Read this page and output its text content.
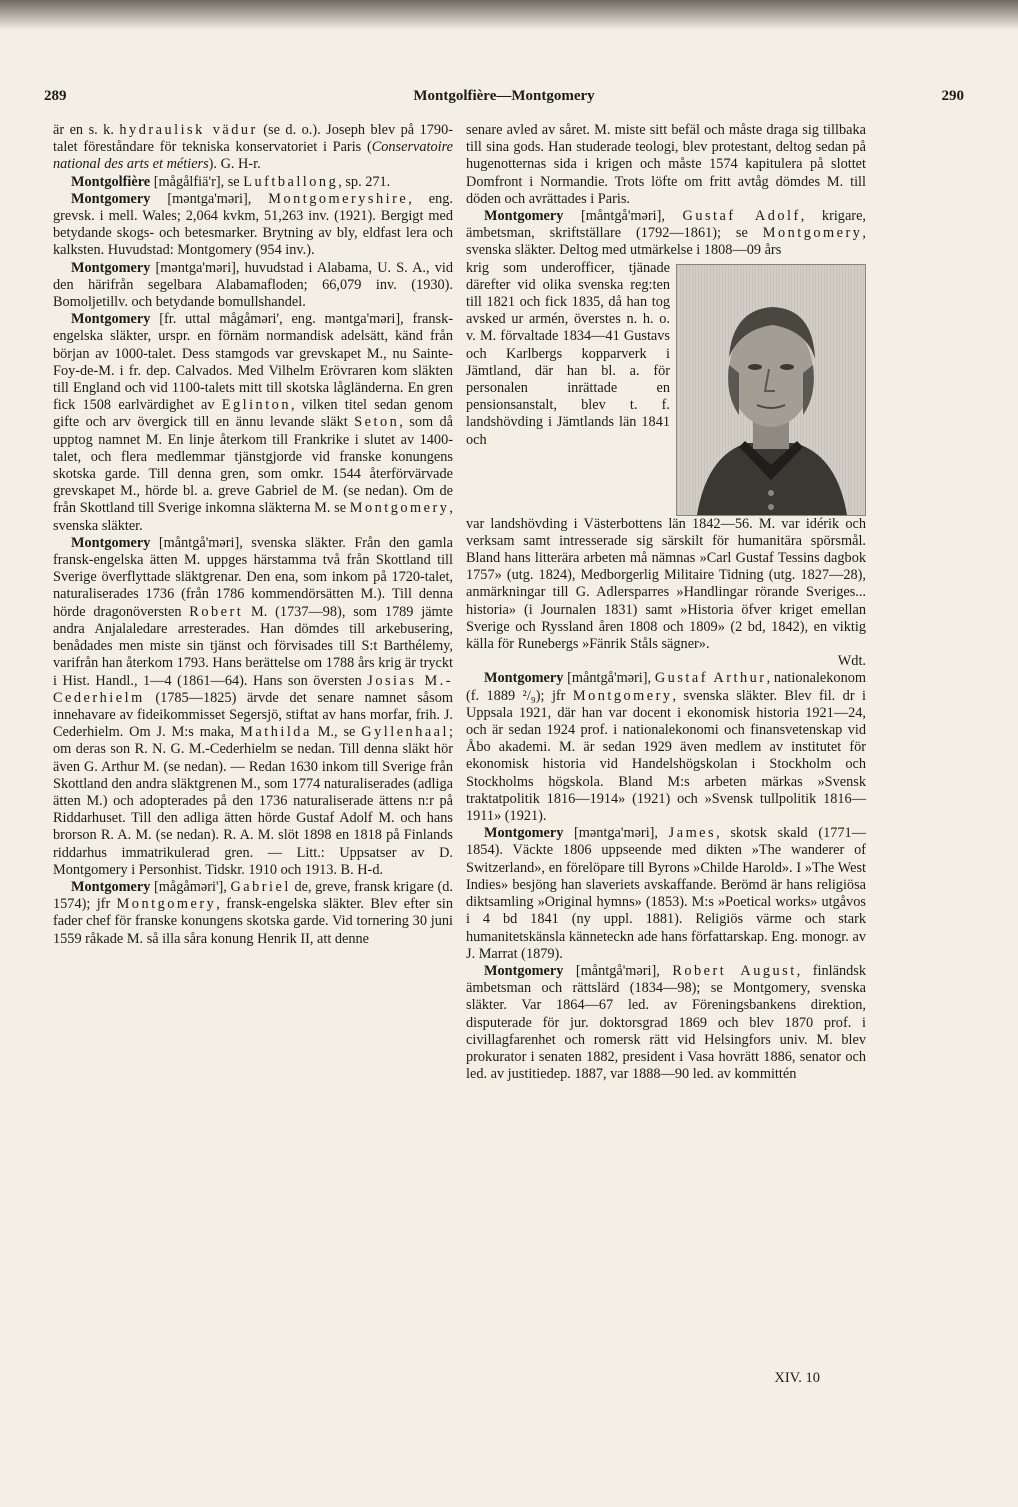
289	Montgolfière—Montgomery	290

är en s. k. hydraulisk vädur (se d. o.). Joseph blev på 1790-talet föreståndare för tekniska konservatoriet i Paris (Conservatoire national des arts et métiers). G. H-r.

Montgolfière [mågålfiä'r], se Luftballong, sp. 271.

Montgomery [məntga'məri], Montgomeryshire, eng. grevsk. i mell. Wales; 2,064 kvkm, 51,263 inv. (1921). Bergigt med betydande skogs- och betesmarker. Brytning av bly, eldfast lera och kalksten. Huvudstad: Montgomery (954 inv.).

Montgomery [məntga'məri], huvudstad i Alabama, U. S. A., vid den härifrån segelbara Alabamafloden; 66,079 inv. (1930). Bomoljetillv. och betydande bomullshandel.

Montgomery [fr. uttal mågåməri', eng. məntga'məri], fransk-engelska släkter, urspr. en förnäm normandisk adelsätt, känd från början av 1000-talet. Dess stamgods var grevskapet M., nu Sainte-Foy-de-M. i fr. dep. Calvados. Med Vilhelm Erövraren kom släkten till England och vid 1100-talets mitt till skotska lågländerna. En gren fick 1508 earlvärdighet av Eglinton, vilken titel sedan genom gifte och arv övergick till en ännu levande släkt Seton, som då upptog namnet M. En linje återkom till Frankrike i slutet av 1400-talet, och flera medlemmar tjänstgjorde vid franske konungens skotska garde. Till denna gren, som omkr. 1544 återförvärvade grevskapet M., hörde bl. a. greve Gabriel de M. (se nedan). Om de från Skottland till Sverige inkomna släkterna M. se Montgomery, svenska släkter.

Montgomery [måntgå'məri], svenska släkter. Från den gamla fransk-engelska ätten M. uppges härstamma två från Skottland till Sverige överflyttade släktgrenar. Den ena, som inkom på 1720-talet, naturaliserades 1736 (från 1786 kommendörsätten M.). Till denna hörde dragonöversten Robert M. (1737—98), som 1789 jämte andra Anjalaledare arresterades. Han dömdes till arkebusering, benådades men miste sin tjänst och förvisades till S:t Barthélemy, varifrån han återkom 1793. Hans berättelse om 1788 års krig är tryckt i Hist. Handl., 1—4 (1861—64). Hans son översten Josias M.-Cederhielm (1785—1825) ärvde det senare namnet såsom innehavare av fideikommisset Segersjö, stiftat av hans morfar, frih. J. Cederhielm. Om J. M:s maka, Mathilda M., se Gyllenhaal; om deras son R. N. G. M.-Cederhielm se nedan. Till denna släkt hör även G. Arthur M. (se nedan). — Redan 1630 inkom till Sverige från Skottland den andra släktgrenen M., som 1774 naturaliserades (adliga ätten M.) och adopterades på den 1736 naturaliserade ättens n:r på Riddarhuset. Till den adliga ätten hörde Gustaf Adolf M. och hans brorson R. A. M. (se nedan). R. A. M. slöt 1898 en 1818 på Finlands riddarhus immatrikulerad gren. — Litt.: Uppsatser av D. Montgomery i Personhist. Tidskr. 1910 och 1913. B. H-d.

Montgomery [mågåməri'], Gabriel de, greve, fransk krigare (d. 1574); jfr Montgomery, fransk-engelska släkter. Blev efter sin fader chef för franske konungens skotska garde. Vid tornering 30 juni 1559 råkade M. så illa såra konung Henrik II, att denne

senare avled av såret. M. miste sitt befäl och måste draga sig tillbaka till sina gods. Han studerade teologi, blev protestant, deltog sedan på hugenotternas sida i krigen och måste 1574 kapitulera på slottet Domfront i Normandie. Trots löfte om fritt avtåg dömdes M. till döden och avrättades i Paris.

Montgomery [måntgå'məri], Gustaf Adolf, krigare, ämbetsman, skriftställare (1792—1861); se Montgomery, svenska släkter. Deltog med utmärkelse i 1808—09 års

krig som underofficer, tjänade därefter vid olika svenska reg:ten till 1821 och fick 1835, då han tog avsked ur armén, överstes n. h. o. v. M. förvaltade 1834—41 Gustavs och Karlbergs kopparverk i Jämtland, där han bl. a. för personalen inrättade en pensionsanstalt, blev t. f. landshövding i Jämtlands län 1841 och

var landshövding i Västerbottens län 1842—56. M. var idérik och verksam samt intresserade sig särskilt för humanitära spörsmål. Bland hans litterära arbeten må nämnas »Carl Gustaf Tessins dagbok 1757» (utg. 1824), Medborgerlig Militaire Tidning (utg. 1827—28), anmärkningar till G. Adlersparres »Handlingar rörande Sveriges... historia» (i Journalen 1831) samt »Historia öfver kriget emellan Sverige och Ryssland åren 1808 och 1809» (2 bd, 1842), en viktig källa för Runebergs »Fänrik Ståls sägner».
Wdt.

Montgomery [måntgå'məri], Gustaf Arthur, nationalekonom (f. 1889 ²/₉); jfr Montgomery, svenska släkter. Blev fil. dr i Uppsala 1921, där han var docent i ekonomisk historia 1921—24, och är sedan 1924 prof. i nationalekonomi och finansvetenskap vid Åbo akademi. M. är sedan 1929 även medlem av institutet för ekonomisk historia vid Handelshögskolan i Stockholm och Stockholms högskola. Bland M:s arbeten märkas »Svensk traktatpolitik 1816—1914» (1921) och »Svensk tullpolitik 1816—1911» (1921).

Montgomery [məntga'məri], James, skotsk skald (1771—1854). Väckte 1806 uppseende med dikten »The wanderer of Switzerland», en förelöpare till Byrons »Childe Harold». I »The West Indies» besjöng han slaveriets avskaffande. Berömd är hans religiösa diktsamling »Original hymns» (1853). M:s »Poetical works» utgåvos i 4 bd 1841 (ny uppl. 1881). Religiös värme och stark humanitetskänsla känneteckn ade hans författarskap. Eng. monogr. av J. Marrat (1879).

Montgomery [måntgå'məri], Robert August, finländsk ämbetsman och rättslärd (1834—98); se Montgomery, svenska släkter. Var 1864—67 led. av Föreningsbankens direktion, disputerade för jur. doktorsgrad 1869 och blev 1870 prof. i civillagfarenhet och romersk rätt vid Helsingfors univ. M. blev prokurator i senaten 1882, president i Vasa hovrätt 1886, senator och led. av justitiedep. 1887, var 1888—90 led. av kommittén

XIV. 10
